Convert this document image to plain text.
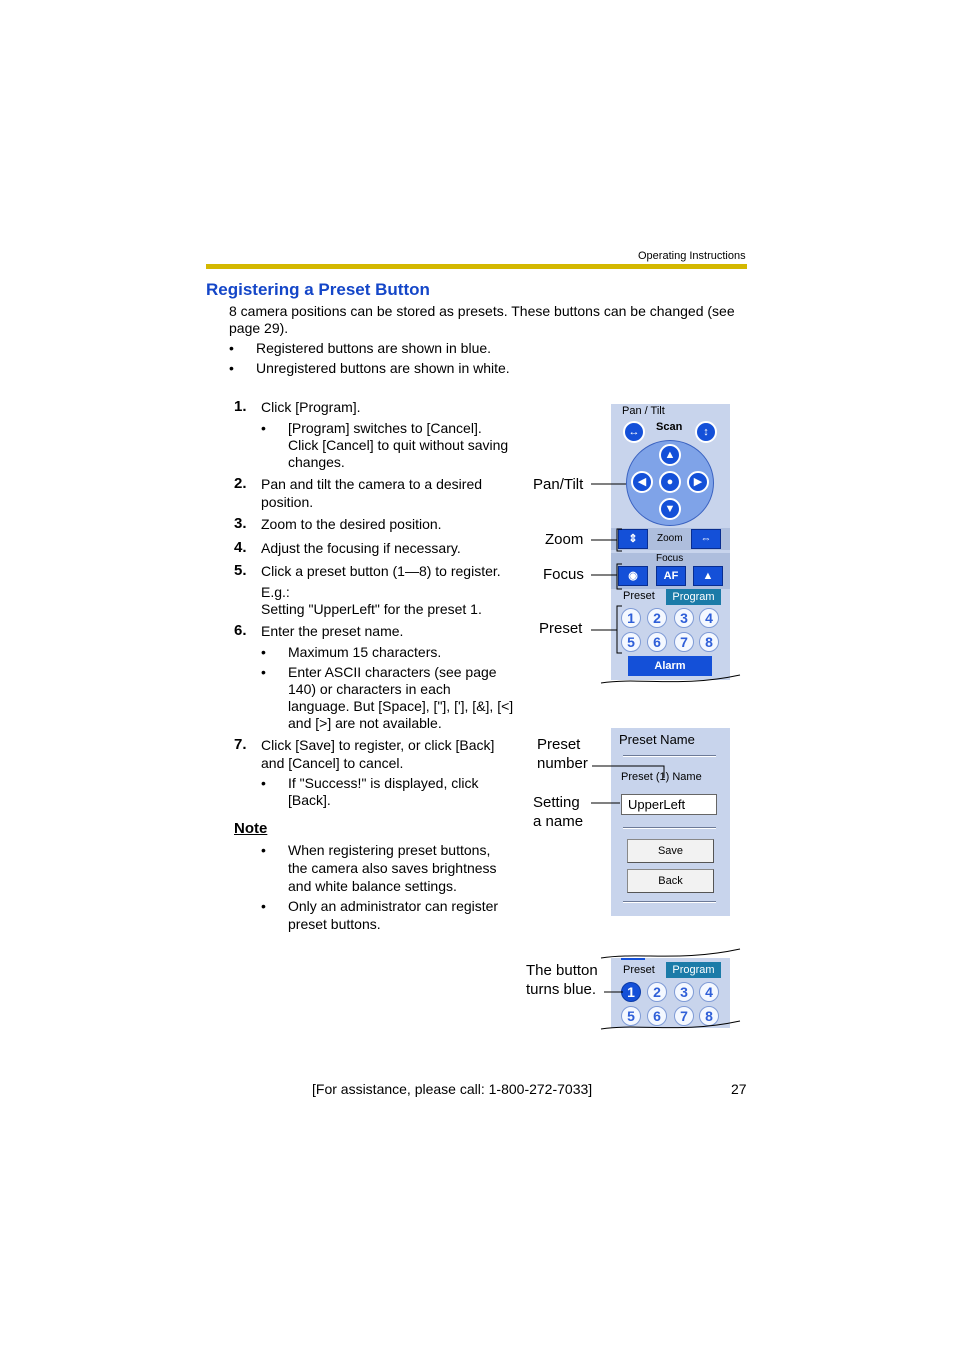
Operating Instructions
Registering a Preset Button
8 camera positions can be stored as presets. These buttons can be changed (see
page 29).
• Registered buttons are shown in blue.
• Unregistered buttons are shown in white.
1. Click [Program].
• [Program] switches to [Cancel].
Click [Cancel] to quit without saving
changes.
2. Pan and tilt the camera to a desired
position.
3. Zoom to the desired position.
4. Adjust the focusing if necessary.
5. Click a preset button (1—8) to register.
E.g.:
Setting "UpperLeft" for the preset 1.
6. Enter the preset name.
• Maximum 15 characters.
• Enter ASCII characters (see page
140) or characters in each
language. But [Space], ["], ['], [&], [<]
and [>] are not available.
7. Click [Save] to register, or click [Back]
and [Cancel] to cancel.
• If "Success!" is displayed, click
[Back].
Note
• When registering preset buttons,
the camera also saves brightness
and white balance settings.
• Only an administrator can register
preset buttons.
Pan / Tilt
↔	Scan	↕
▲
◀	●	▶
▼
⇕	Zoom	⇔
Focus
◉	AF	▲
Preset	Program
1	2	3	4
5	6	7	8
Alarm
Preset Name
Preset (1) Name
UpperLeft
Save
Back
Preset	Program
1	2	3	4
5	6	7	8
Pan/Tilt
Zoom
Focus
Preset
Preset
number
Setting
a name
The button
turns blue.
[For assistance, please call: 1-800-272-7033]	27
